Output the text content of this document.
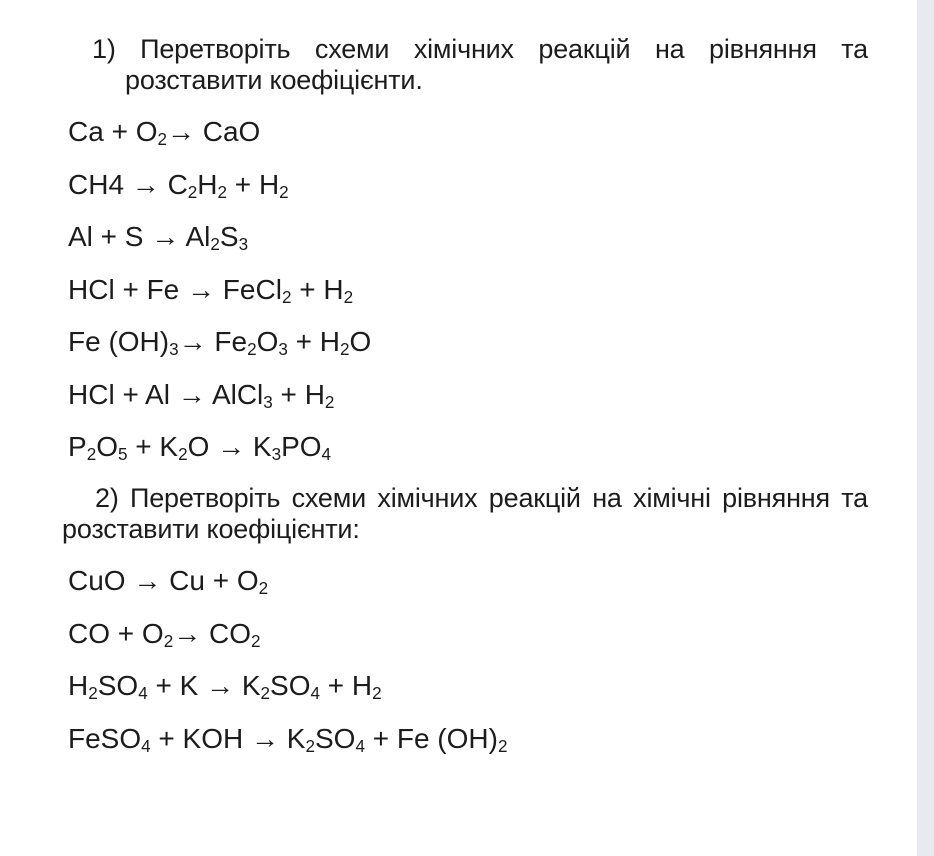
1) Перетворіть схеми хімічних реакцій на рівняння та розставити коефіцієнти.
$Ca + O_2\to$ CaO
$CH4 \to C_2H_2 + H_2$
$Al + S \to Al_2S_3$
HCl + Fe → FeCl$_2$ + $H_2$
Fe $(OH)_3\to Fe_2O_3 + H_2O$
HCl + Al → AlCl$_3$ + $H_2$
$P_2O_5 + K_2O \to K_3PO_4$
2) Перетворіть схеми хімічних реакцій на хімічні рівняння та розставити коефіцієнти:
CuO → $Cu + O_2$
CO + $O_2\to CO_2$
$H_2SO_4 + K \to K_2SO_4 + H_2$
FeSO$_4$ + KOH → $K_2SO_4 + Fe$ $(OH)_2$
